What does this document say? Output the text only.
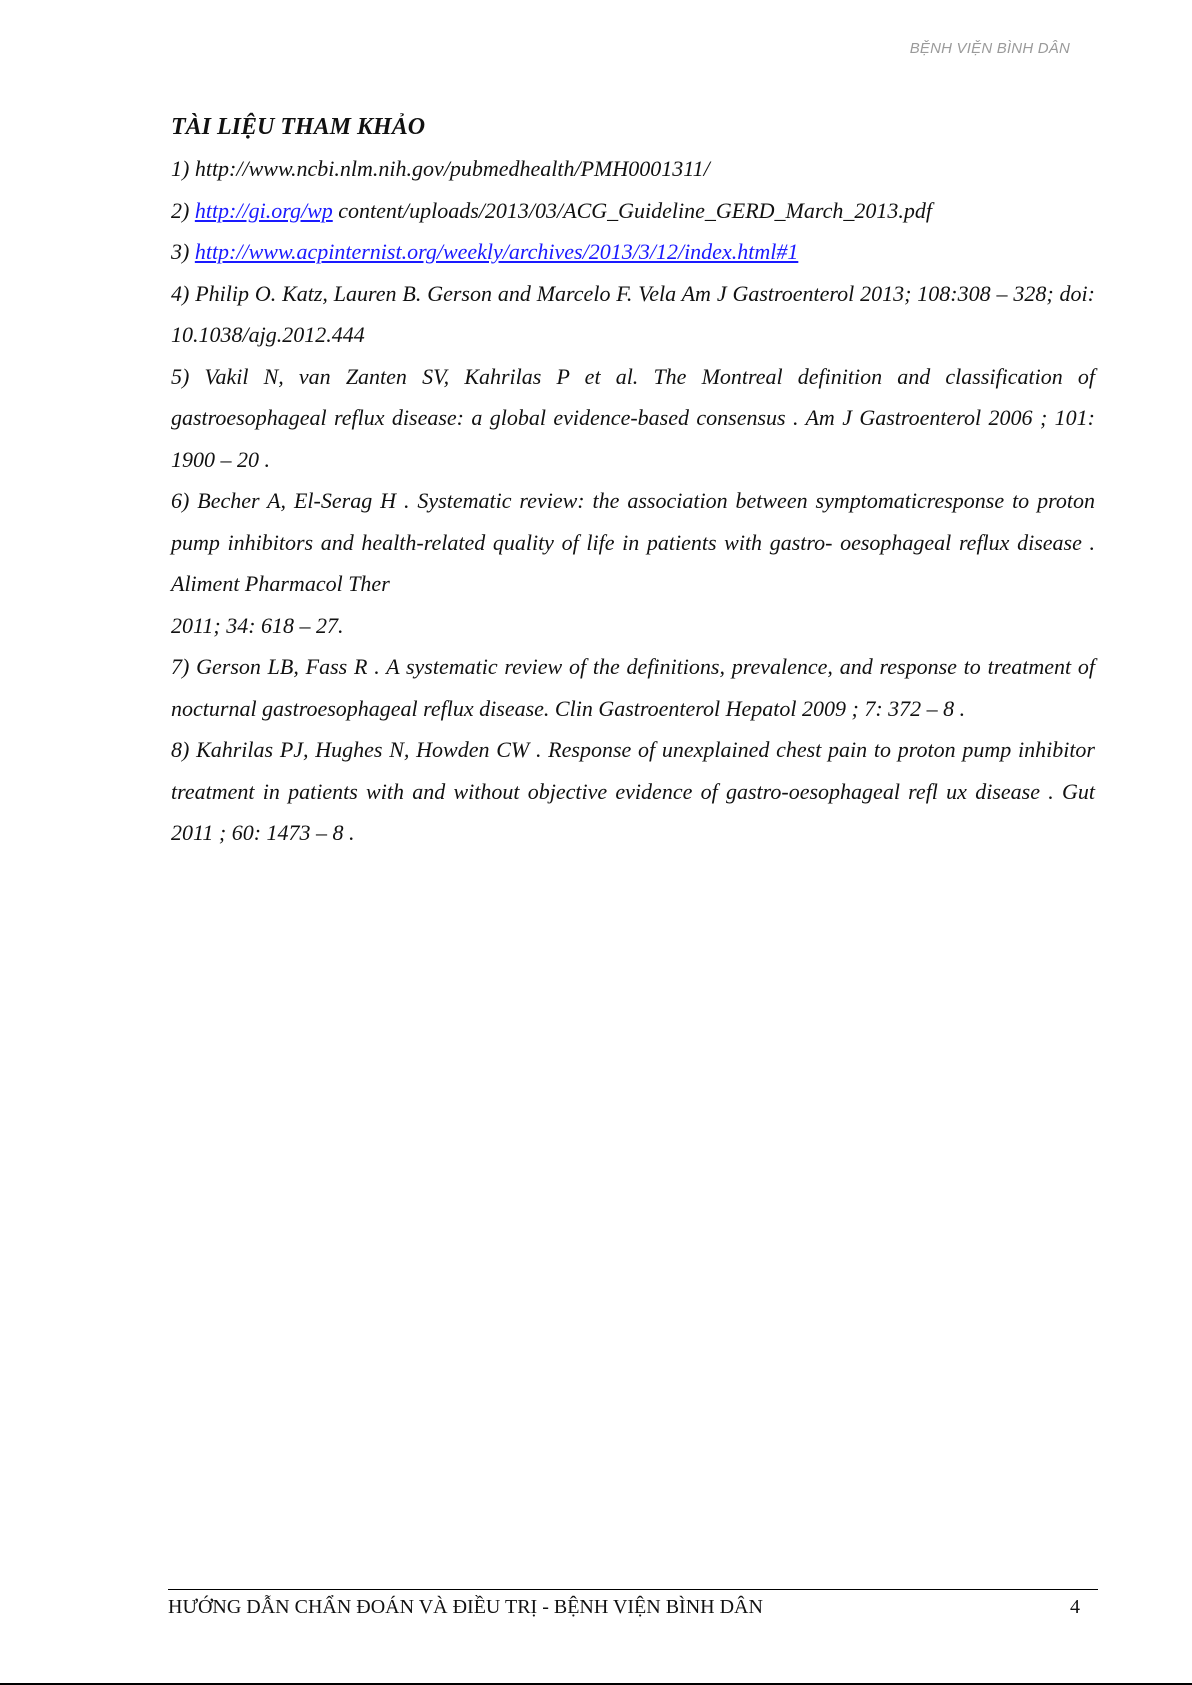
BỆNH VIỆN BÌNH DÂN
TÀI LIỆU THAM KHẢO
1) http://www.ncbi.nlm.nih.gov/pubmedhealth/PMH0001311/
2) http://gi.org/wp content/uploads/2013/03/ACG_Guideline_GERD_March_2013.pdf
3) http://www.acpinternist.org/weekly/archives/2013/3/12/index.html#1
4) Philip O. Katz, Lauren B. Gerson and Marcelo F. Vela Am J Gastroenterol 2013; 108:308 – 328; doi: 10.1038/ajg.2012.444
5) Vakil N, van Zanten SV, Kahrilas P et al. The Montreal definition and classification of gastroesophageal reflux disease: a global evidence-based consensus . Am J Gastroenterol 2006 ; 101: 1900 – 20 .
6) Becher A, El-Serag H . Systematic review: the association between symptomaticresponse to proton pump inhibitors and health-related quality of life in patients with gastro- oesophageal reflux disease . Aliment Pharmacol Ther
2011; 34: 618 – 27.
7) Gerson LB, Fass R . A systematic review of the definitions, prevalence, and response to treatment of nocturnal gastroesophageal reflux disease. Clin Gastroenterol Hepatol 2009 ; 7: 372 – 8 .
8) Kahrilas PJ, Hughes N, Howden CW . Response of unexplained chest pain to proton pump inhibitor treatment in patients with and without objective evidence of gastro-oesophageal refl ux disease . Gut 2011 ; 60: 1473 – 8 .
HƯỚNG DẪN CHẨN ĐOÁN VÀ ĐIỀU TRỊ - BỆNH VIỆN BÌNH DÂN	4
